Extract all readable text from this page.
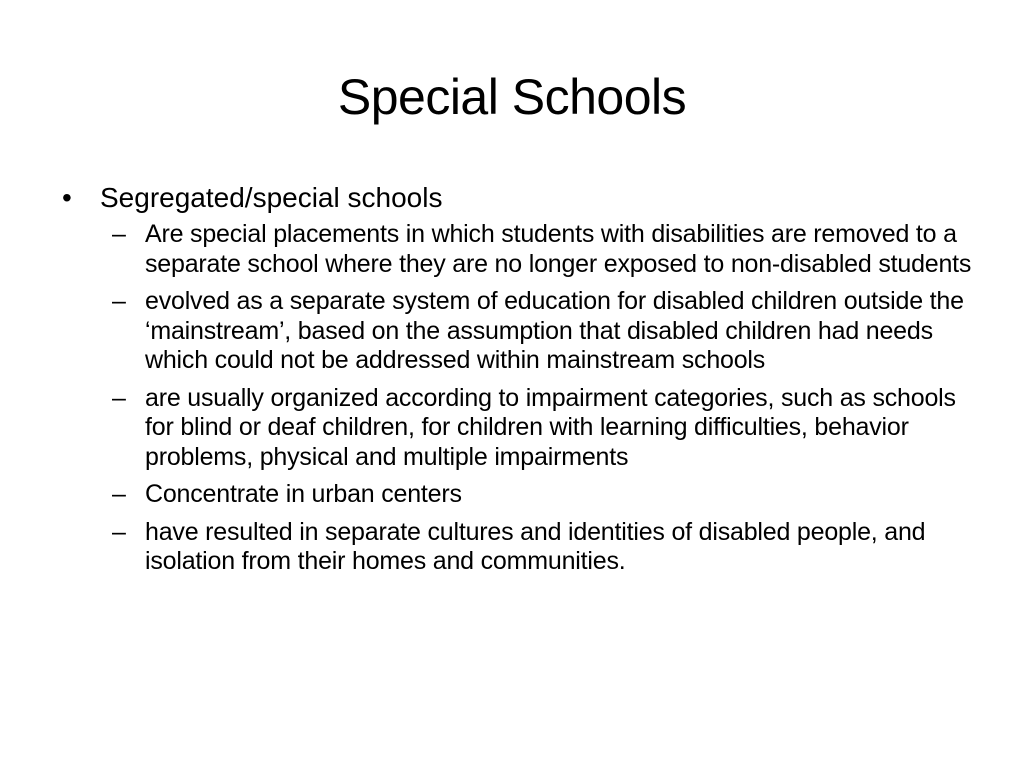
Special Schools
•	Segregated/special schools
– Are special placements in which students with disabilities are removed to a separate school where they are no longer exposed to non-disabled students
– evolved as a separate system of education for disabled children outside the ‘mainstream’, based on the assumption that disabled children had needs which could not be addressed within mainstream schools
– are usually organized according to impairment categories, such as schools for blind or deaf children, for children with learning difficulties, behavior problems, physical and multiple impairments
– Concentrate in urban centers
– have resulted in separate cultures and identities of disabled people, and isolation from their homes and communities.
